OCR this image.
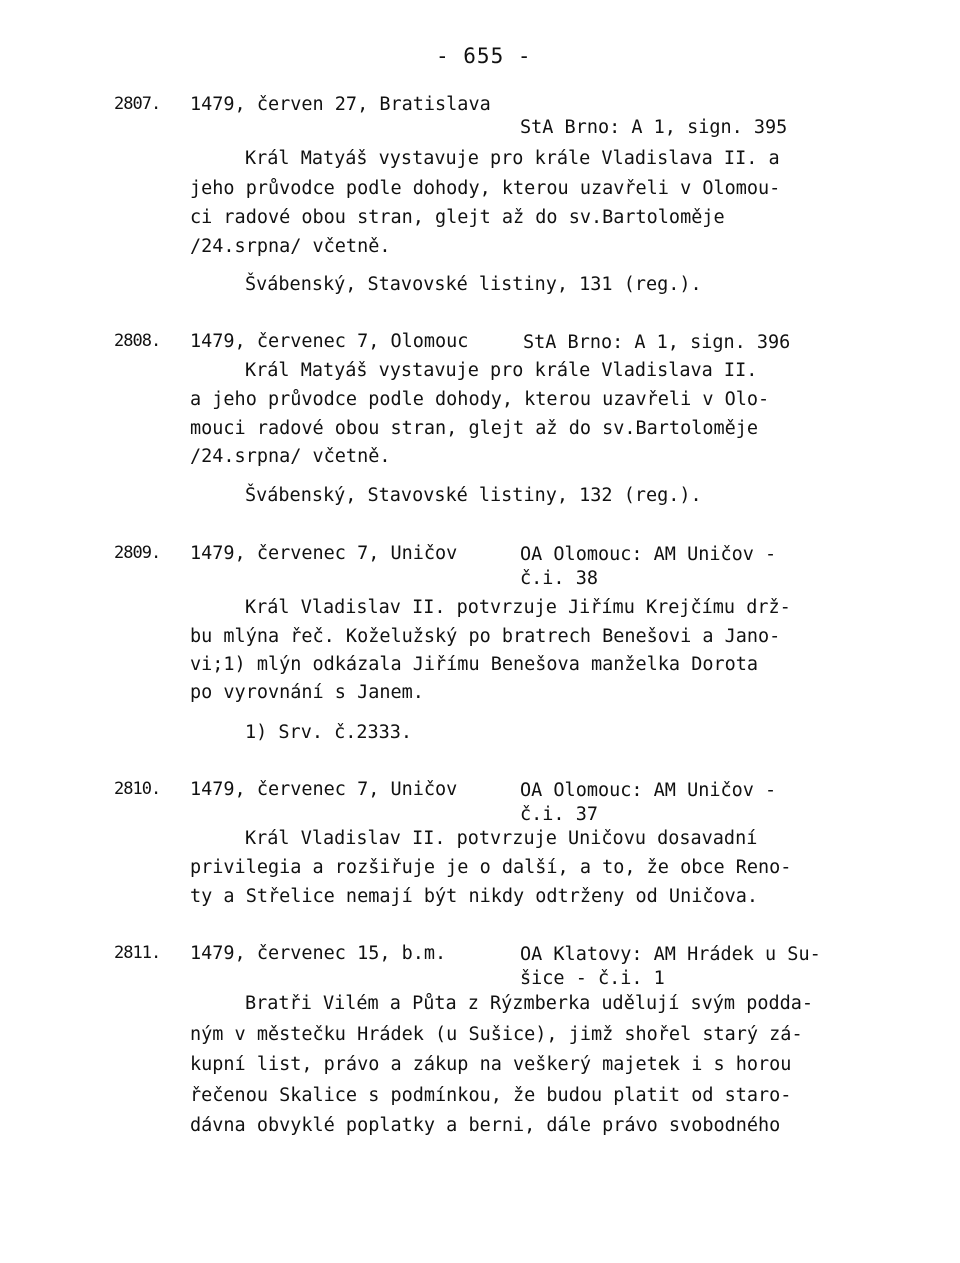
- 655 -
2807. 1479, červen 27, Bratislava
StA Brno: A 1, sign. 395
Král Matyáš vystavuje pro krále Vladislava II. a
jeho průvodce podle dohody, kterou uzavřeli v Olomou-
ci radové obou stran, glejt až do sv.Bartoloměje
/24.srpna/ včetně.
Švábenský, Stavovské listiny, 131 (reg.).
2808. 1479, červenec 7, Olomouc	StA Brno: A 1, sign. 396
Král Matyáš vystavuje pro krále Vladislava II.
a jeho průvodce podle dohody, kterou uzavřeli v Olo-
mouci radové obou stran, glejt až do sv.Bartoloměje
/24.srpna/ včetně.
Švábenský, Stavovské listiny, 132 (reg.).
2809. 1479, červenec 7, Uničov	OA Olomouc: AM Uničov -
č.i. 38
Král Vladislav II. potvrzuje Jiřímu Krejčímu drž-
bu mlýna řeč. Koželužský po bratrech Benešovi a Jano-
vi;1) mlýn odkázala Jiřímu Benešova manželka Dorota
po vyrovnání s Janem.
1) Srv. č.2333.
2810. 1479, červenec 7, Uničov	OA Olomouc: AM Uničov -
č.i. 37
Král Vladislav II. potvrzuje Uničovu dosavadní
privilegia a rozšiřuje je o další, a to, že obce Reno-
ty a Střelice nemají být nikdy odtrženy od Uničova.
2811. 1479, červenec 15, b.m.	OA Klatovy: AM Hrádek u Su-
šice - č.i. 1
Bratři Vilém a Půta z Rýzmberka udělují svým podda-
ným v městečku Hrádek (u Sušice), jimž shořel starý zá-
kupní list, právo a zákup na veškerý majetek i s horou
řečenou Skalice s podmínkou, že budou platit od staro-
dávna obvyklé poplatky a berni, dále právo svobodného
